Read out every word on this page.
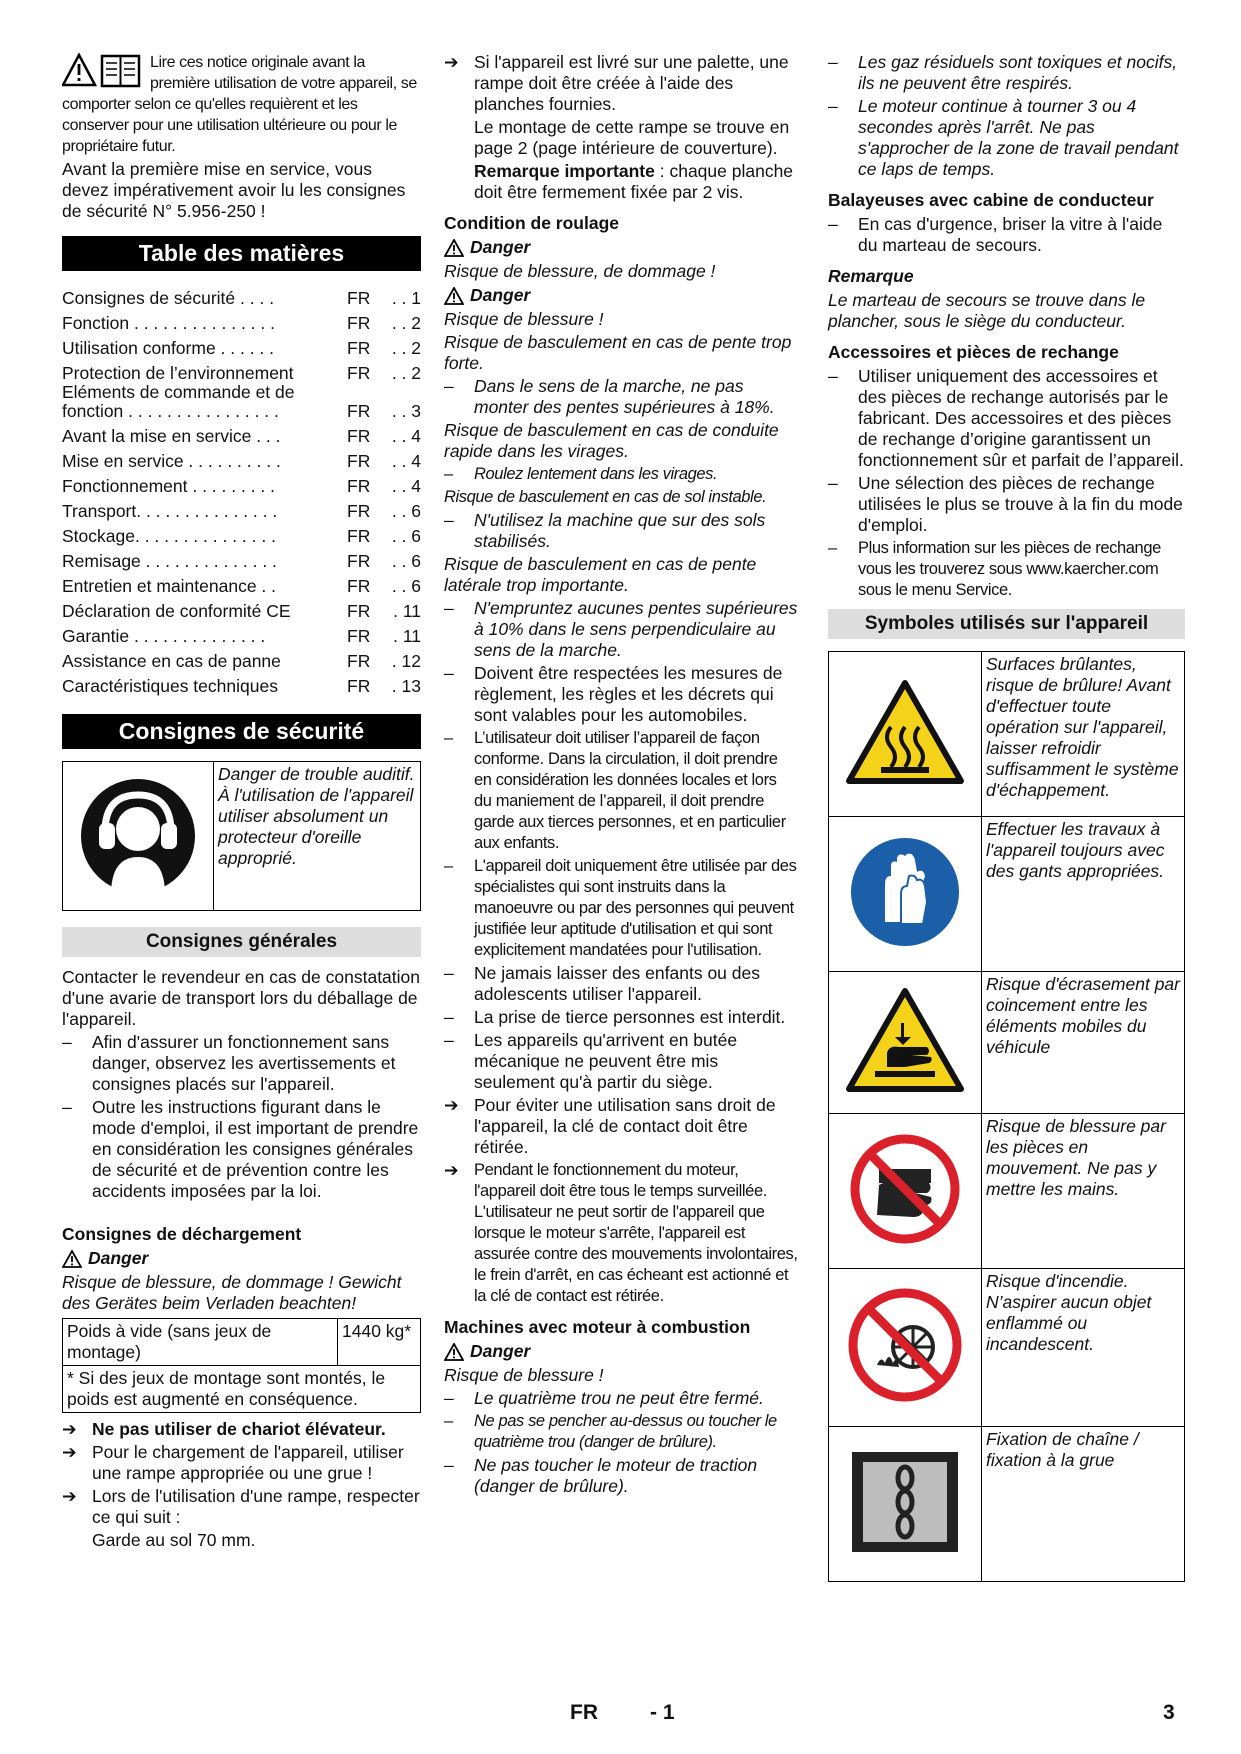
Lire ces notice originale avant la première utilisation de votre appareil, se comporter selon ce qu'elles requièrent et les conserver pour une utilisation ultérieure ou pour le propriétaire futur.

Avant la première mise en service, vous devez impérativement avoir lu les consignes de sécurité N° 5.956-250 !

Table des matières
Consignes de sécurité . . . .	FR	. . 1
Fonction . . . . . . . . . . . . . . .	FR	. . 2
Utilisation conforme . . . . . .	FR	. . 2
Protection de l’environnement	FR	. . 2
Eléments de commande et de fonction . . . . . . . . . . . . . . . .	FR	. . 3
Avant la mise en service . . .	FR	. . 4
Mise en service . . . . . . . . . .	FR	. . 4
Fonctionnement . . . . . . . . .	FR	. . 4
Transport. . . . . . . . . . . . . . .	FR	. . 6
Stockage. . . . . . . . . . . . . . .	FR	. . 6
Remisage . . . . . . . . . . . . . .	FR	. . 6
Entretien et maintenance . .	FR	. . 6
Déclaration de conformité CE	FR	. 11
Garantie . . . . . . . . . . . . . .	FR	. 11
Assistance en cas de panne	FR	. 12
Caractéristiques techniques	FR	. 13
Consignes de sécurité
Danger de trouble auditif. À l'utilisation de l'appareil utiliser absolument un protecteur d'oreille approprié.
Consignes générales

Contacter le revendeur en cas de constatation d'une avarie de transport lors du déballage de l'appareil.

–	Afin d'assurer un fonctionnement sans danger, observez les avertissements et consignes placés sur l'appareil.
–	Outre les instructions figurant dans le mode d'emploi, il est important de prendre en considération les consignes générales de sécurité et de prévention contre les accidents imposées par la loi.
Consignes de déchargement
Danger

Risque de blessure, de dommage ! Gewicht des Gerätes beim Verladen beachten!

Poids à vide (sans jeux de montage)	1440 kg*
* Si des jeux de montage sont montés, le poids est augmenté en conséquence.
➔ Ne pas utiliser de chariot élévateur.
➔ Pour le chargement de l'appareil, utiliser une rampe appropriée ou une grue !
➔ Lors de l'utilisation d'une rampe, respecter ce qui suit :

Garde au sol 70 mm.

➔ Si l'appareil est livré sur une palette, une rampe doit être créée à l'aide des planches fournies.

Le montage de cette rampe se trouve en page 2 (page intérieure de couverture).

Remarque importante : chaque planche doit être fermement fixée par 2 vis.

Condition de roulage
Danger

Risque de blessure, de dommage !

Danger

Risque de blessure !

Risque de basculement en cas de pente trop forte.

–	Dans le sens de la marche, ne pas monter des pentes supérieures à 18%.

Risque de basculement en cas de conduite rapide dans les virages.

–	Roulez lentement dans les virages.

Risque de basculement en cas de sol instable.

–	N'utilisez la machine que sur des sols stabilisés.

Risque de basculement en cas de pente latérale trop importante.

–	N'empruntez aucunes pentes supérieures à 10% dans le sens perpendiculaire au sens de la marche.
–	Doivent être respectées les mesures de règlement, les règles et les décrets qui sont valables pour les automobiles.
–	L’utilisateur doit utiliser l’appareil de façon conforme. Dans la circulation, il doit prendre en considération les données locales et lors du maniement de l’appareil, il doit prendre garde aux tierces personnes, et en particulier aux enfants.
–	L'appareil doit uniquement être utilisée par des spécialistes qui sont instruits dans la manoeuvre ou par des personnes qui peuvent justifiée leur aptitude d'utilisation et qui sont explicitement mandatées pour l'utilisation.
–	Ne jamais laisser des enfants ou des adolescents utiliser l'appareil.
–	La prise de tierce personnes est interdit.
–	Les appareils qu'arrivent en butée mécanique ne peuvent être mis seulement qu'à partir du siège.
➔ Pour éviter une utilisation sans droit de l'appareil, la clé de contact doit être rétirée.
➔ Pendant le fonctionnement du moteur, l'appareil doit être tous le temps surveillée. L'utilisateur ne peut sortir de l'appareil que lorsque le moteur s'arrête, l'appareil est assurée contre des mouvements involontaires, le frein d'arrêt, en cas écheant est actionné et la clé de contact est rétirée.
Machines avec moteur à combustion
Danger

Risque de blessure !

–	Le quatrième trou ne peut être fermé.
–	Ne pas se pencher au-dessus ou toucher le quatrième trou (danger de brûlure).
–	Ne pas toucher le moteur de traction (danger de brûlure).
–	Les gaz résiduels sont toxiques et nocifs, ils ne peuvent être respirés.
–	Le moteur continue à tourner 3 ou 4 secondes après l'arrêt. Ne pas s'approcher de la zone de travail pendant ce laps de temps.
Balayeuses avec cabine de conducteur
–	En cas d'urgence, briser la vitre à l'aide du marteau de secours.
Remarque

Le marteau de secours se trouve dans le plancher, sous le siège du conducteur.

Accessoires et pièces de rechange
–	Utiliser uniquement des accessoires et des pièces de rechange autorisés par le fabricant. Des accessoires et des pièces de rechange d’origine garantissent un fonctionnement sûr et parfait de l’appareil.
–	Une sélection des pièces de rechange utilisées le plus se trouve à la fin du mode d'emploi.
–	Plus information sur les pièces de rechange vous les trouverez sous www.kaercher.com sous le menu Service.
Symboles utilisés sur l'appareil
	Surfaces brûlantes, risque de brûlure! Avant d'effectuer toute opération sur l'appareil, laisser refroidir suffisamment le système d'échappement.
	Effectuer les travaux à l'appareil toujours avec des gants appropriées.
	Risque d'écrasement par coincement entre les éléments mobiles du véhicule
	Risque de blessure par les pièces en mouvement. Ne pas y mettre les mains.
	Risque d'incendie. N’aspirer aucun objet enflammé ou incandescent.
	Fixation de chaîne / fixation à la grue
FR - 1	3
